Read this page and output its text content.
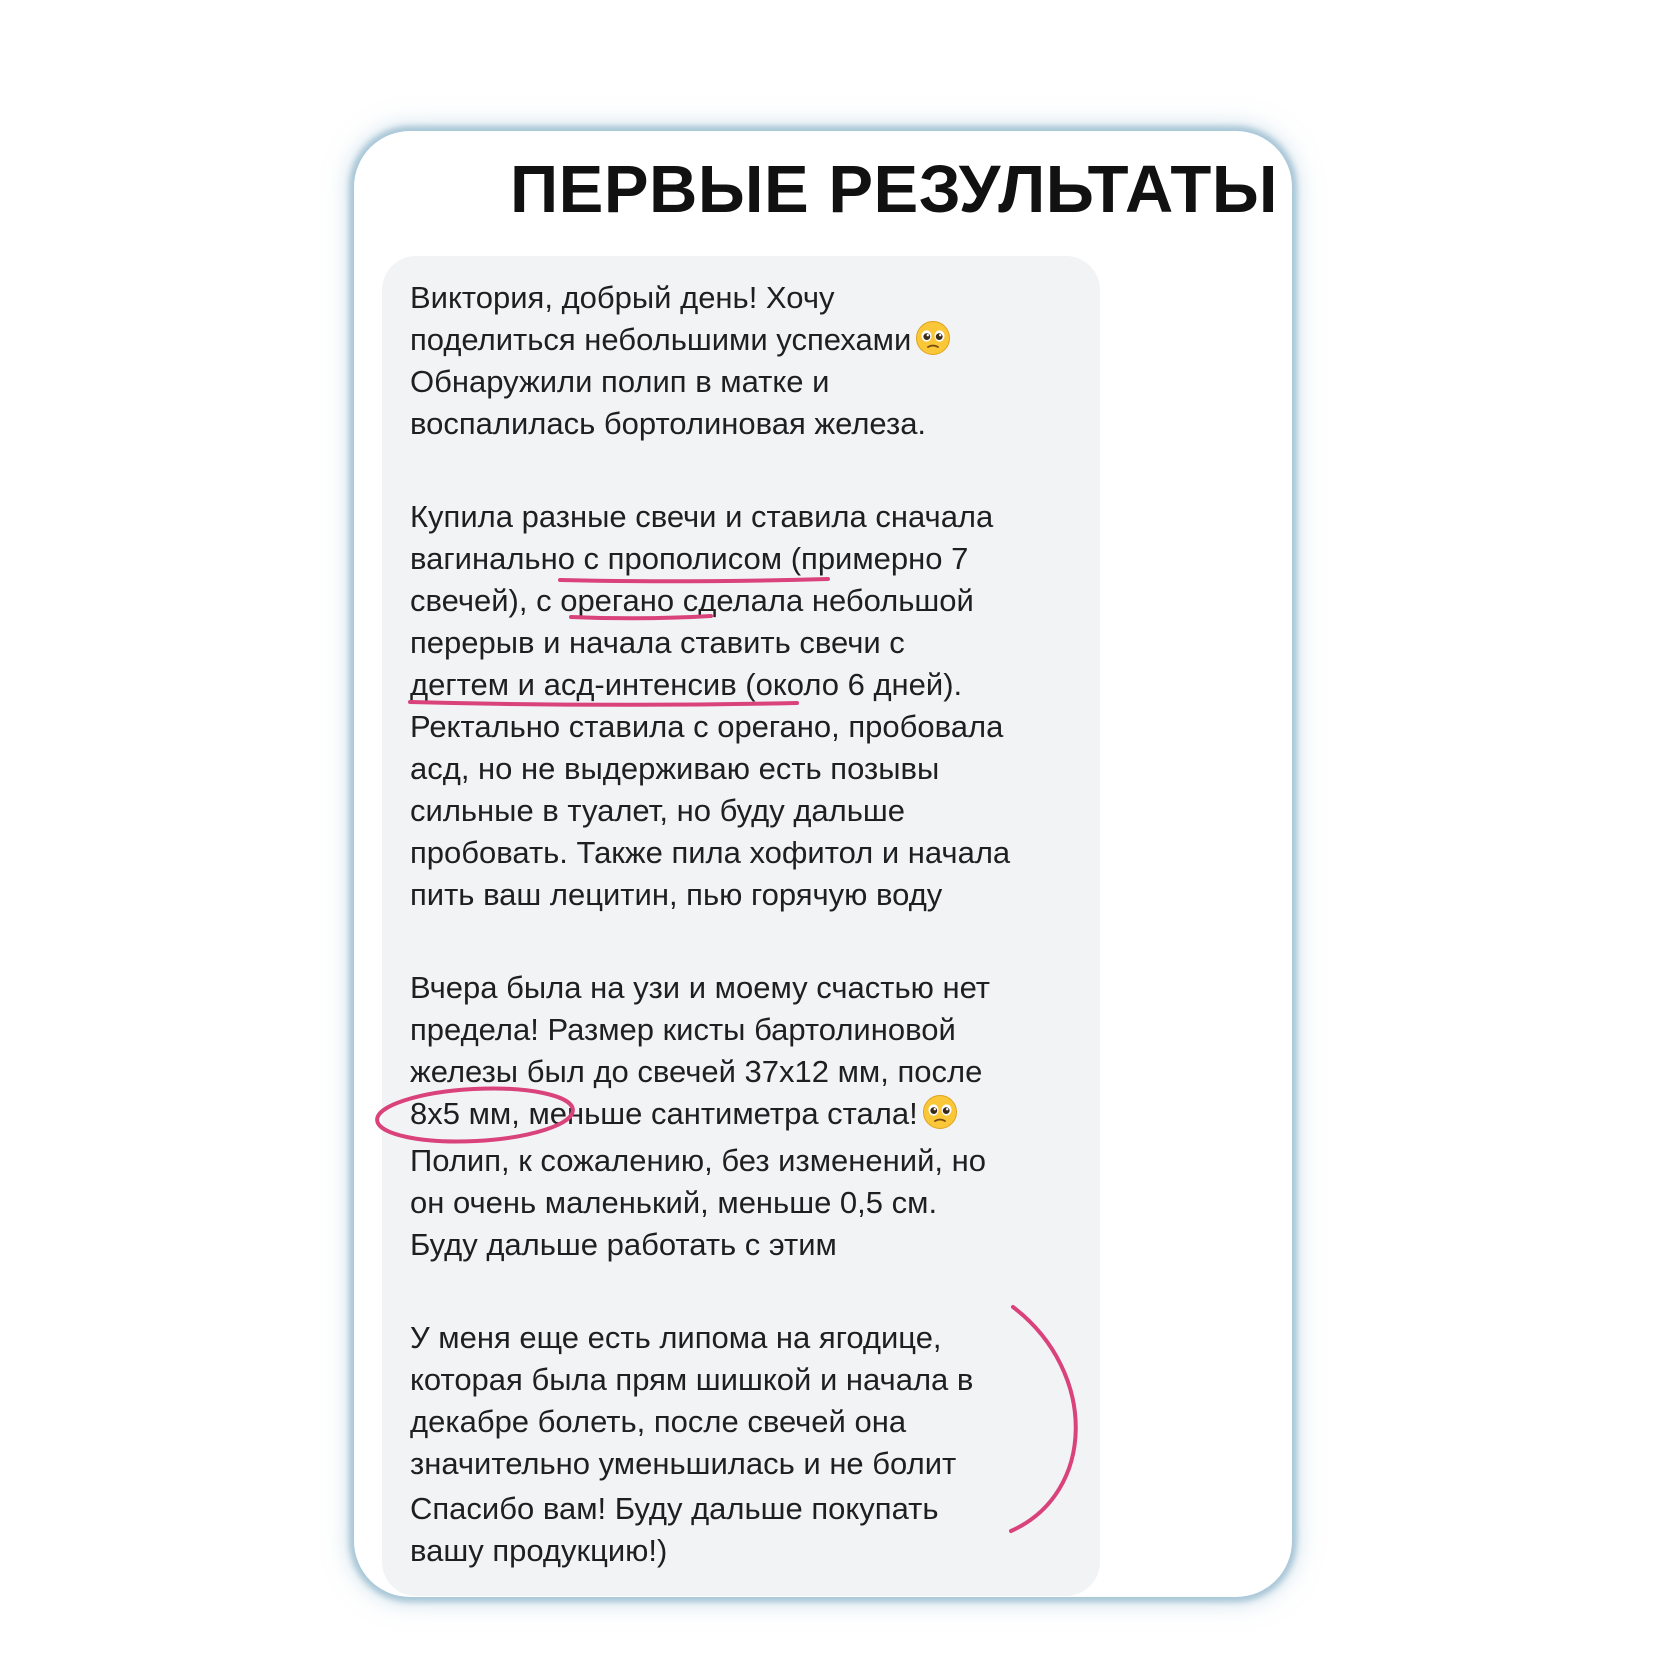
ПЕРВЫЕ РЕЗУЛЬТАТЫ

Виктория, добрый день! Хочу

поделиться небольшими успехами

Обнаружили полип в матке и

воспалилась бортолиновая железа.

Купила разные свечи и ставила сначала

вагинально с прополисом (примерно 7

свечей), с орегано сделала небольшой

перерыв и начала ставить свечи с

дегтем и асд-интенсив (около 6 дней).

Ректально ставила с орегано, пробовала

асд, но не выдерживаю есть позывы

сильные в туалет, но буду дальше

пробовать. Также пила хофитол и начала

пить ваш лецитин, пью горячую воду

Вчера была на узи и моему счастью нет

предела! Размер кисты бартолиновой

железы был до свечей 37х12 мм, после

8х5 мм, меньше сантиметра стала!

Полип, к сожалению, без изменений, но

он очень маленький, меньше 0,5 см.

Буду дальше работать с этим

У меня еще есть липома на ягодице,

которая была прям шишкой и начала в

декабре болеть, после свечей она

значительно уменьшилась и не болит

Спасибо вам! Буду дальше покупать

вашу продукцию!)
